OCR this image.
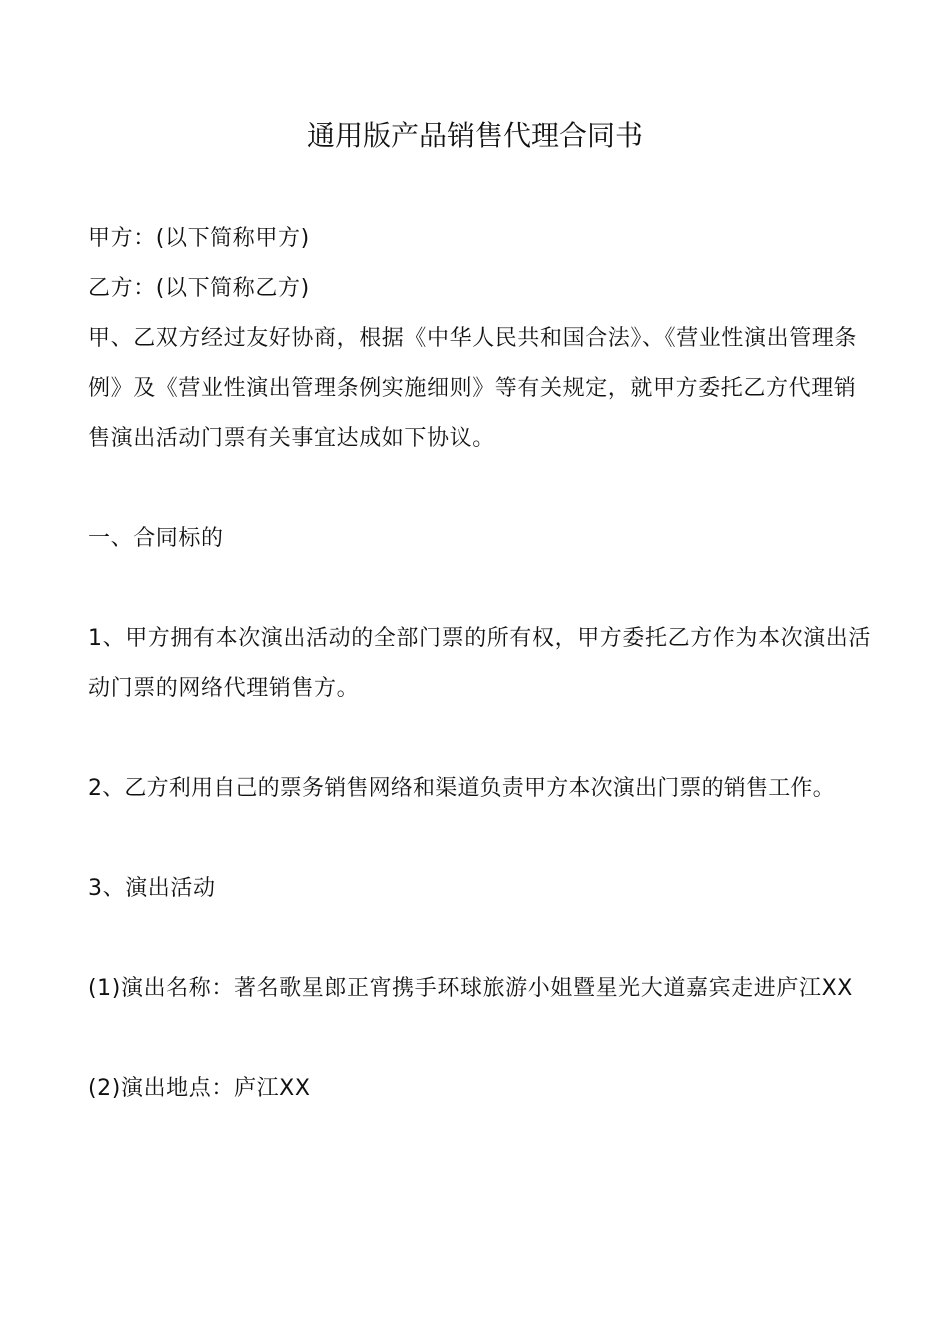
通用版产品销售代理合同书

甲方：(以下简称甲方)

乙方：(以下简称乙方)

甲、乙双方经过友好协商，根据《中华人民共和国合法》、《营业性演出管理条例》及《营业性演出管理条例实施细则》等有关规定，就甲方委托乙方代理销售演出活动门票有关事宜达成如下协议。

一、合同标的

1、甲方拥有本次演出活动的全部门票的所有权，甲方委托乙方作为本次演出活动门票的网络代理销售方。

2、乙方利用自己的票务销售网络和渠道负责甲方本次演出门票的销售工作。

3、演出活动

(1)演出名称：著名歌星郎正宵携手环球旅游小姐暨星光大道嘉宾走进庐江XX

(2)演出地点：庐江XX
